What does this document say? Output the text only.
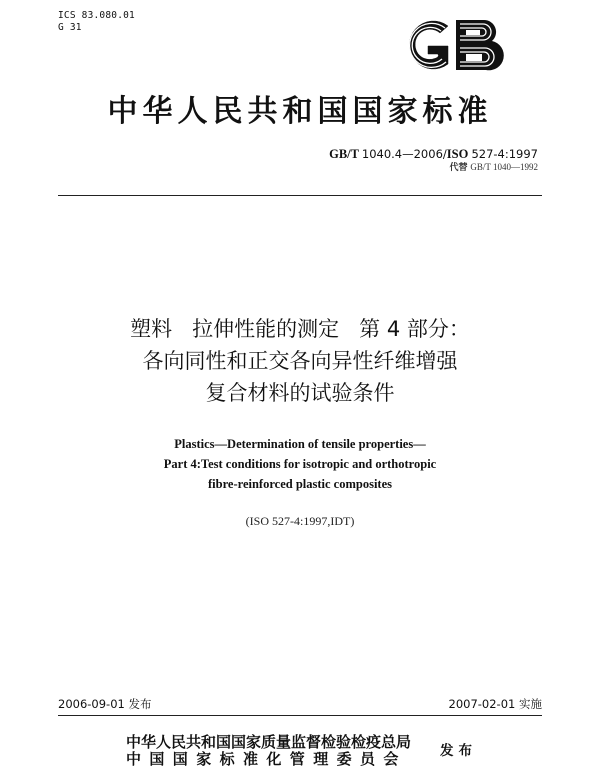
ICS 83.080.01
G 31
中华人民共和国国家标准
GB/T 1040.4—2006/ISO 527-4:1997
代替 GB/T 1040—1992
塑料   拉伸性能的测定   第 4 部分：
各向同性和正交各向异性纤维增强
复合材料的试验条件
Plastics—Determination of tensile properties—
Part 4:Test conditions for isotropic and orthotropic
fibre-reinforced plastic composites
(ISO 527-4:1997,IDT)
2006-09-01 发布	2007-02-01 实施
中华人民共和国国家质量监督检验检疫总局
中国国家标准化管理委员会	发布
